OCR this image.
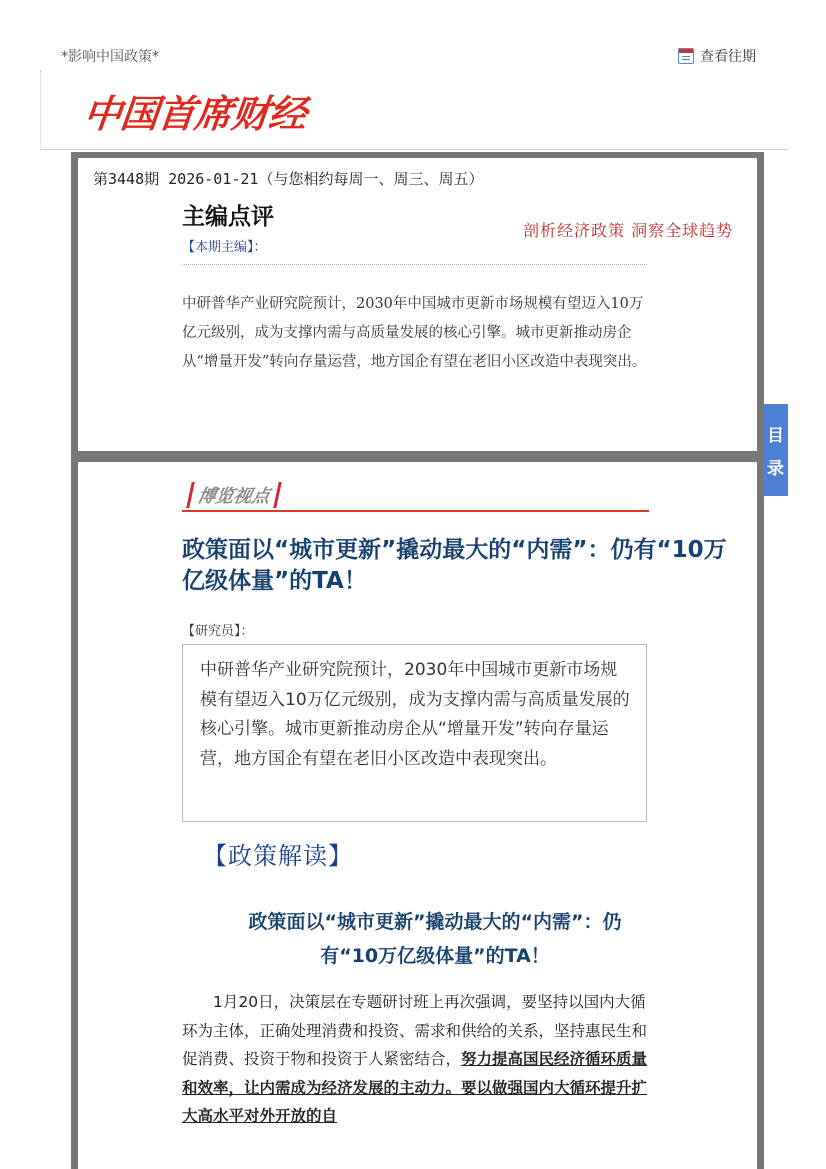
*影响中国政策*	查看往期
中国首席财经
第3448期 2026-01-21（与您相约每周一、周三、周五）
主编点评
剖析经济政策 洞察全球趋势
【本期主编】：
中研普华产业研究院预计，2030年中国城市更新市场规模有望迈入10万亿元级别，成为支撑内需与高质量发展的核心引擎。城市更新推动房企从“增量开发”转向存量运营，地方国企有望在老旧小区改造中表现突出。
目
录
博览视点
政策面以“城市更新”撬动最大的“内需”：仍有“10万亿级体量”的TA！
【研究员】：
中研普华产业研究院预计，2030年中国城市更新市场规模有望迈入10万亿元级别，成为支撑内需与高质量发展的核心引擎。城市更新推动房企从“增量开发”转向存量运营，地方国企有望在老旧小区改造中表现突出。
【政策解读】
政策面以“城市更新”撬动最大的“内需”：仍有“10万亿级体量”的TA！
1月20日，决策层在专题研讨班上再次强调，要坚持以国内大循环为主体，正确处理消费和投资、需求和供给的关系，坚持惠民生和促消费、投资于物和投资于人紧密结合，努力提高国民经济循环质量和效率，让内需成为经济发展的主动力。要以做强国内大循环提升扩大高水平对外开放的自
